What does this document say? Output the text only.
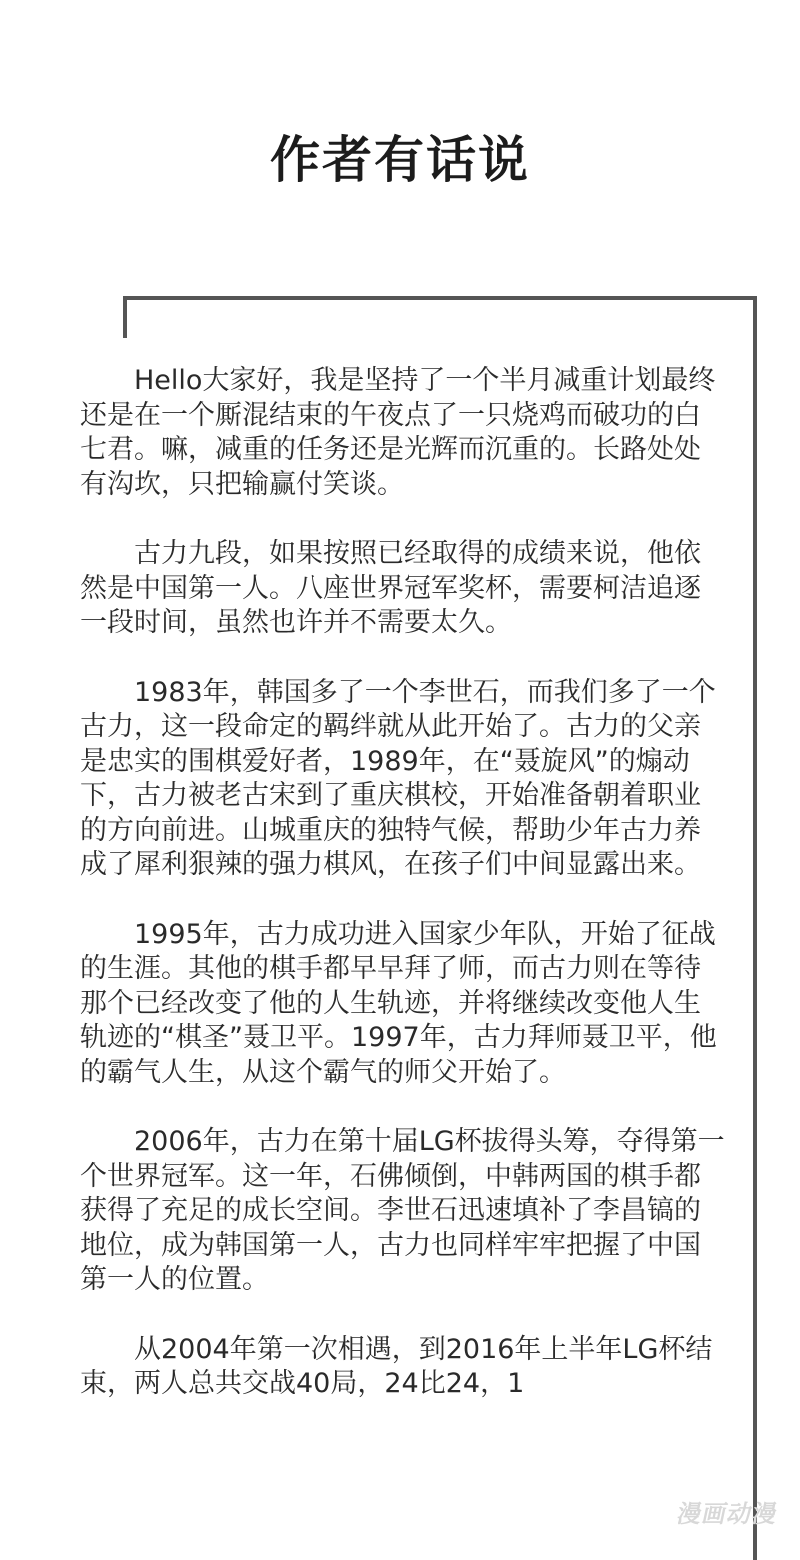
作者有话说

Hello大家好，我是坚持了一个半月减重计划最终还是在一个厮混结束的午夜点了一只烧鸡而破功的白七君。嘛，减重的任务还是光辉而沉重的。长路处处有沟坎，只把输赢付笑谈。

古力九段，如果按照已经取得的成绩来说，他依然是中国第一人。八座世界冠军奖杯，需要柯洁追逐一段时间，虽然也许并不需要太久。

1983年，韩国多了一个李世石，而我们多了一个古力，这一段命定的羁绊就从此开始了。古力的父亲是忠实的围棋爱好者，1989年，在“聂旋风”的煽动下，古力被老古宋到了重庆棋校，开始准备朝着职业的方向前进。山城重庆的独特气候，帮助少年古力养成了犀利狠辣的强力棋风，在孩子们中间显露出来。

1995年，古力成功进入国家少年队，开始了征战的生涯。其他的棋手都早早拜了师，而古力则在等待那个已经改变了他的人生轨迹，并将继续改变他人生轨迹的“棋圣”聂卫平。1997年，古力拜师聂卫平，他的霸气人生，从这个霸气的师父开始了。

2006年，古力在第十届LG杯拔得头筹，夺得第一个世界冠军。这一年，石佛倾倒，中韩两国的棋手都获得了充足的成长空间。李世石迅速填补了李昌镐的地位，成为韩国第一人，古力也同样牢牢把握了中国第一人的位置。

从2004年第一次相遇，到2016年上半年LG杯结束，两人总共交战40局，24比24，1

漫画动漫
